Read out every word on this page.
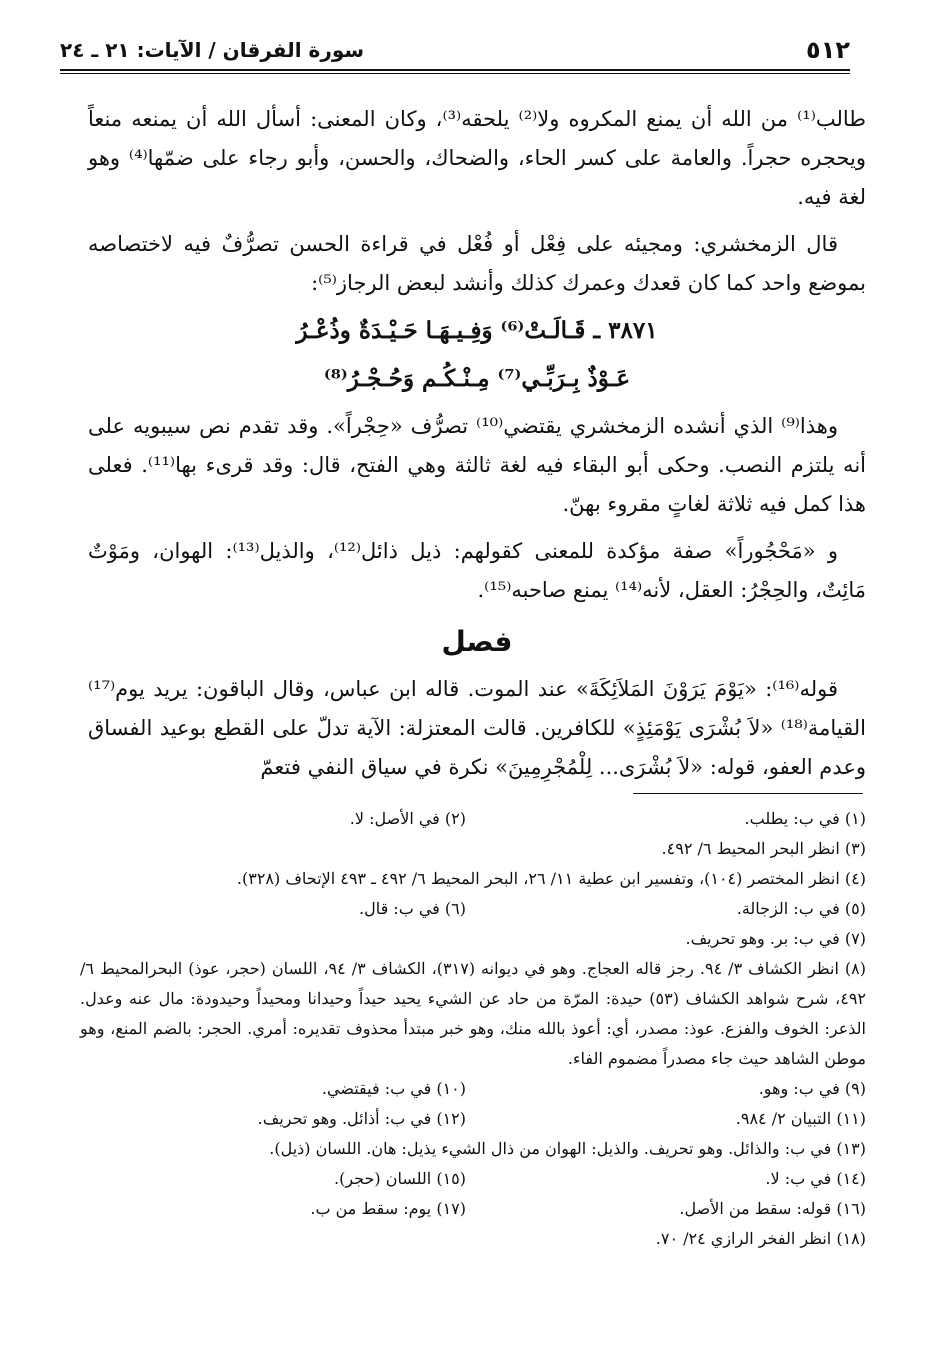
٥١٢
سورة الفرقان / الآيات: ٢١ ـ ٢٤

طالب⁽¹⁾ من الله أن يمنع المكروه ولا⁽²⁾ يلحقه⁽³⁾، وكان المعنى: أسأل الله أن يمنعه منعاً ويحجره حجراً. والعامة على كسر الحاء، والضحاك، والحسن، وأبو رجاء على ضمّها⁽⁴⁾ وهو لغة فيه.

قال الزمخشري: ومجيئه على فِعْل أو فُعْل في قراءة الحسن تصرُّفٌ فيه لاختصاصه بموضع واحد كما كان قعدك وعمرك كذلك وأنشد لبعض الرجاز⁽⁵⁾:

٣٨٧١ ـ قَـالَـتْ⁽⁶⁾ وَفِـيـهَـا حَـيْـدَةٌ وذُعْـرُ
عَـوْذٌ بِـرَبِّـي⁽⁷⁾ مِـنْـكُـم وَحُـجْـرُ⁽⁸⁾

وهذا⁽⁹⁾ الذي أنشده الزمخشري يقتضي⁽¹⁰⁾ تصرُّف «حِجْراً». وقد تقدم نص سيبويه على أنه يلتزم النصب. وحكى أبو البقاء فيه لغة ثالثة وهي الفتح، قال: وقد قرىء بها⁽¹¹⁾. فعلى هذا كمل فيه ثلاثة لغاتٍ مقروء بهنّ.

و «مَحْجُوراً» صفة مؤكدة للمعنى كقولهم: ذيل ذائل⁽¹²⁾، والذيل⁽¹³⁾: الهوان، ومَوْتٌ مَائِتٌ، والحِجْرُ: العقل، لأنه⁽¹⁴⁾ يمنع صاحبه⁽¹⁵⁾.

فصل

قوله⁽¹⁶⁾: «يَوْمَ يَرَوْنَ المَلاَئِكَةَ» عند الموت. قاله ابن عباس، وقال الباقون: يريد يوم⁽¹⁷⁾ القيامة⁽¹⁸⁾ «لاَ بُشْرَى يَوْمَئِذٍ» للكافرين. قالت المعتزلة: الآية تدلّ على القطع بوعيد الفساق وعدم العفو، قوله: «لاَ بُشْرَى... لِلْمُجْرِمِينَ» نكرة في سياق النفي فتعمّ

(١) في ب: يطلب.
(٢) في الأصل: لا.
(٣) انظر البحر المحيط ٦/ ٤٩٢.
(٤) انظر المختصر (١٠٤)، وتفسير ابن عطية ١١/ ٢٦، البحر المحيط ٦/ ٤٩٢ ـ ٤٩٣ الإتحاف (٣٢٨).
(٥) في ب: الزجالة.
(٦) في ب: قال.
(٧) في ب: بر. وهو تحريف.
(٨) انظر الكشاف ٣/ ٩٤. رجز قاله العجاج. وهو في ديوانه (٣١٧)، الكشاف ٣/ ٩٤، اللسان (حجر، عوذ) البحرالمحيط ٦/ ٤٩٢، شرح شواهد الكشاف (٥٣) حيدة: المرّة من حاد عن الشيء يحيد حيداً وحيدانا ومحيداً وحيدودة: مال عنه وعدل. الذعر: الخوف والفزع. عوذ: مصدر، أي: أعوذ بالله منك، وهو خبر مبتدأ محذوف تقديره: أمري. الحجر: بالضم المنع، وهو موطن الشاهد حيث جاء مصدراً مضموم الفاء.
(٩) في ب: وهو.
(١٠) في ب: فيقتضي.
(١١) التبيان ٢/ ٩٨٤.
(١٢) في ب: أذائل. وهو تحريف.
(١٣) في ب: والذائل. وهو تحريف. والذيل: الهوان من ذال الشيء يذيل: هان. اللسان (ذيل).
(١٤) في ب: لا.
(١٥) اللسان (حجر).
(١٦) قوله: سقط من الأصل.
(١٧) يوم: سقط من ب.
(١٨) انظر الفخر الرازي ٢٤/ ٧٠.
